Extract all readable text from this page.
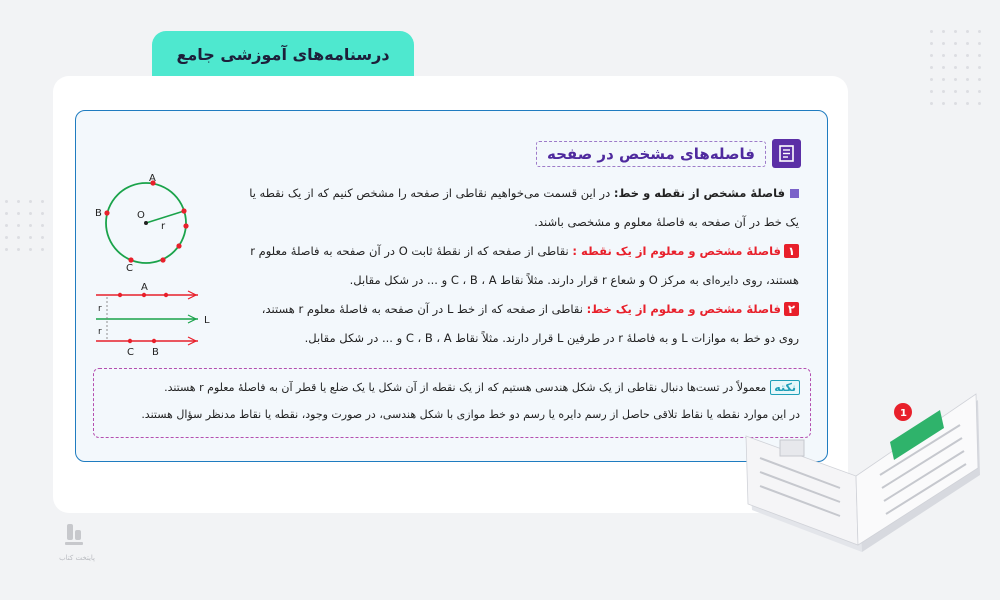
درسنامه‌های آموزشی جامع
فاصله‌های مشخص در صفحه
فاصلهٔ مشخص از نقطه و خط: در این قسمت می‌خواهیم نقاطی از صفحه را مشخص کنیم که از یک نقطه یا
یک خط در آن صفحه به فاصلهٔ معلوم و مشخصی باشند.
۱فاصلهٔ مشخص و معلوم از یک نقطه : نقاطی از صفحه که از نقطهٔ ثابت O در آن صفحه به فاصلهٔ معلوم r
هستند، روی دایره‌ای به مرکز O و شعاع r قرار دارند. مثلاً نقاط C ، B ، A و ... در شکل مقابل.
۲فاصلهٔ مشخص و معلوم از یک خط: نقاطی از صفحه که از خط L در آن صفحه به فاصلهٔ معلوم r هستند،
روی دو خط به موازات L و به فاصلهٔ r در طرفین L قرار دارند. مثلاً نقاط C ، B ، A و ... در شکل مقابل.
نکتهمعمولاً در تست‌ها دنبال نقاطی از یک شکل هندسی هستیم که از یک نقطه از آن شکل یا یک ضلع یا قطر آن به فاصلهٔ معلوم r هستند.
در این موارد نقطه یا نقاط تلاقی حاصل از رسم دایره یا رسم دو خط موازی با شکل هندسی، در صورت وجود، نقطه یا نقاط مدنظر سؤال هستند.
A
B
C
O
r
A
B
C
L
r
r
1
پایتخت کتاب
